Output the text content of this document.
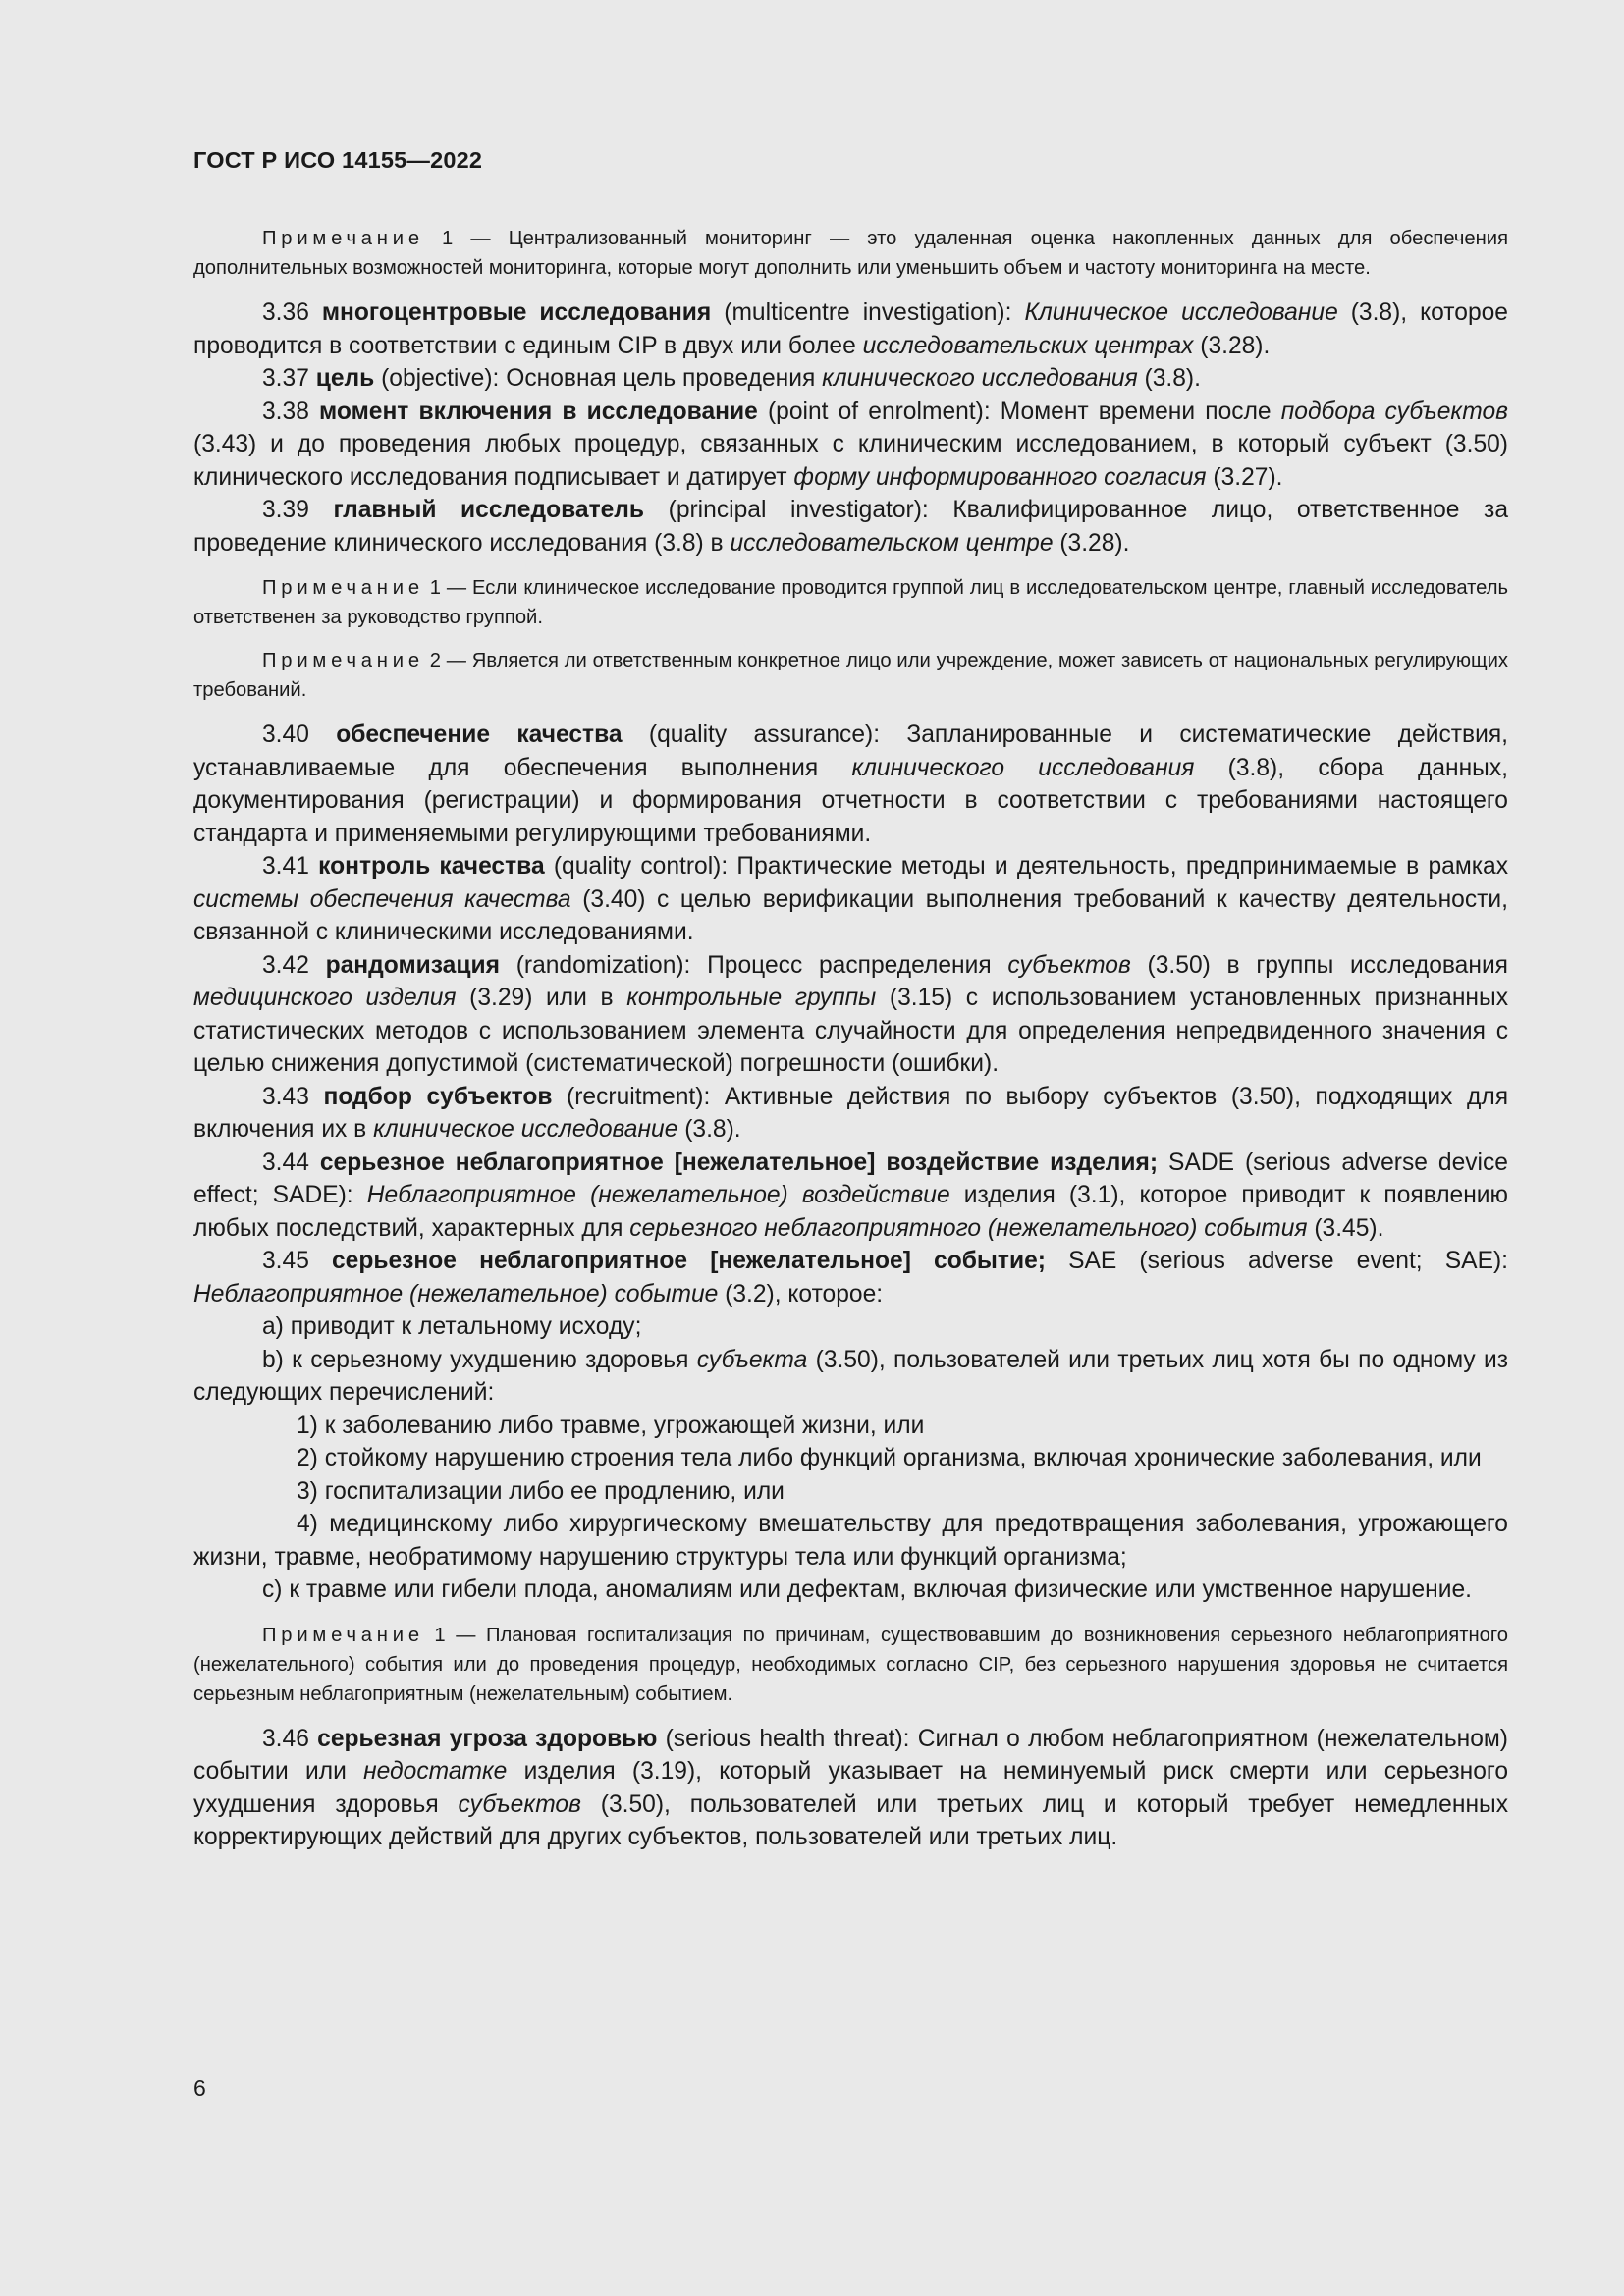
ГОСТ Р ИСО 14155—2022

Примечание 1 — Централизованный мониторинг — это удаленная оценка накопленных данных для обеспечения дополнительных возможностей мониторинга, которые могут дополнить или уменьшить объем и частоту мониторинга на месте.

3.36 многоцентровые исследования (multicentre investigation): Клиническое исследование (3.8), которое проводится в соответствии с единым CIP в двух или более исследовательских центрах (3.28).

3.37 цель (objective): Основная цель проведения клинического исследования (3.8).

3.38 момент включения в исследование (point of enrolment): Момент времени после подбора субъектов (3.43) и до проведения любых процедур, связанных с клиническим исследованием, в который субъект (3.50) клинического исследования подписывает и датирует форму информированного согласия (3.27).

3.39 главный исследователь (principal investigator): Квалифицированное лицо, ответственное за проведение клинического исследования (3.8) в исследовательском центре (3.28).

Примечание 1 — Если клиническое исследование проводится группой лиц в исследовательском центре, главный исследователь ответственен за руководство группой.

Примечание 2 — Является ли ответственным конкретное лицо или учреждение, может зависеть от национальных регулирующих требований.

3.40 обеспечение качества (quality assurance): Запланированные и систематические действия, устанавливаемые для обеспечения выполнения клинического исследования (3.8), сбора данных, документирования (регистрации) и формирования отчетности в соответствии с требованиями настоящего стандарта и применяемыми регулирующими требованиями.

3.41 контроль качества (quality control): Практические методы и деятельность, предпринимаемые в рамках системы обеспечения качества (3.40) с целью верификации выполнения требований к качеству деятельности, связанной с клиническими исследованиями.

3.42 рандомизация (randomization): Процесс распределения субъектов (3.50) в группы исследования медицинского изделия (3.29) или в контрольные группы (3.15) с использованием установленных признанных статистических методов с использованием элемента случайности для определения непредвиденного значения с целью снижения допустимой (систематической) погрешности (ошибки).

3.43 подбор субъектов (recruitment): Активные действия по выбору субъектов (3.50), подходящих для включения их в клиническое исследование (3.8).

3.44 серьезное неблагоприятное [нежелательное] воздействие изделия; SADE (serious adverse device effect; SADE): Неблагоприятное (нежелательное) воздействие изделия (3.1), которое приводит к появлению любых последствий, характерных для серьезного неблагоприятного (нежелательного) события (3.45).

3.45 серьезное неблагоприятное [нежелательное] событие; SAE (serious adverse event; SAE): Неблагоприятное (нежелательное) событие (3.2), которое:

а) приводит к летальному исходу;

b) к серьезному ухудшению здоровья субъекта (3.50), пользователей или третьих лиц хотя бы по одному из следующих перечислений:

1) к заболеванию либо травме, угрожающей жизни, или

2) стойкому нарушению строения тела либо функций организма, включая хронические заболевания, или

3) госпитализации либо ее продлению, или

4) медицинскому либо хирургическому вмешательству для предотвращения заболевания, угрожающего жизни, травме, необратимому нарушению структуры тела или функций организма;

с) к травме или гибели плода, аномалиям или дефектам, включая физические или умственное нарушение.

Примечание 1 — Плановая госпитализация по причинам, существовавшим до возникновения серьезного неблагоприятного (нежелательного) события или до проведения процедур, необходимых согласно CIP, без серьезного нарушения здоровья не считается серьезным неблагоприятным (нежелательным) событием.

3.46 серьезная угроза здоровью (serious health threat): Сигнал о любом неблагоприятном (нежелательном) событии или недостатке изделия (3.19), который указывает на неминуемый риск смерти или серьезного ухудшения здоровья субъектов (3.50), пользователей или третьих лиц и который требует немедленных корректирующих действий для других субъектов, пользователей или третьих лиц.

6
